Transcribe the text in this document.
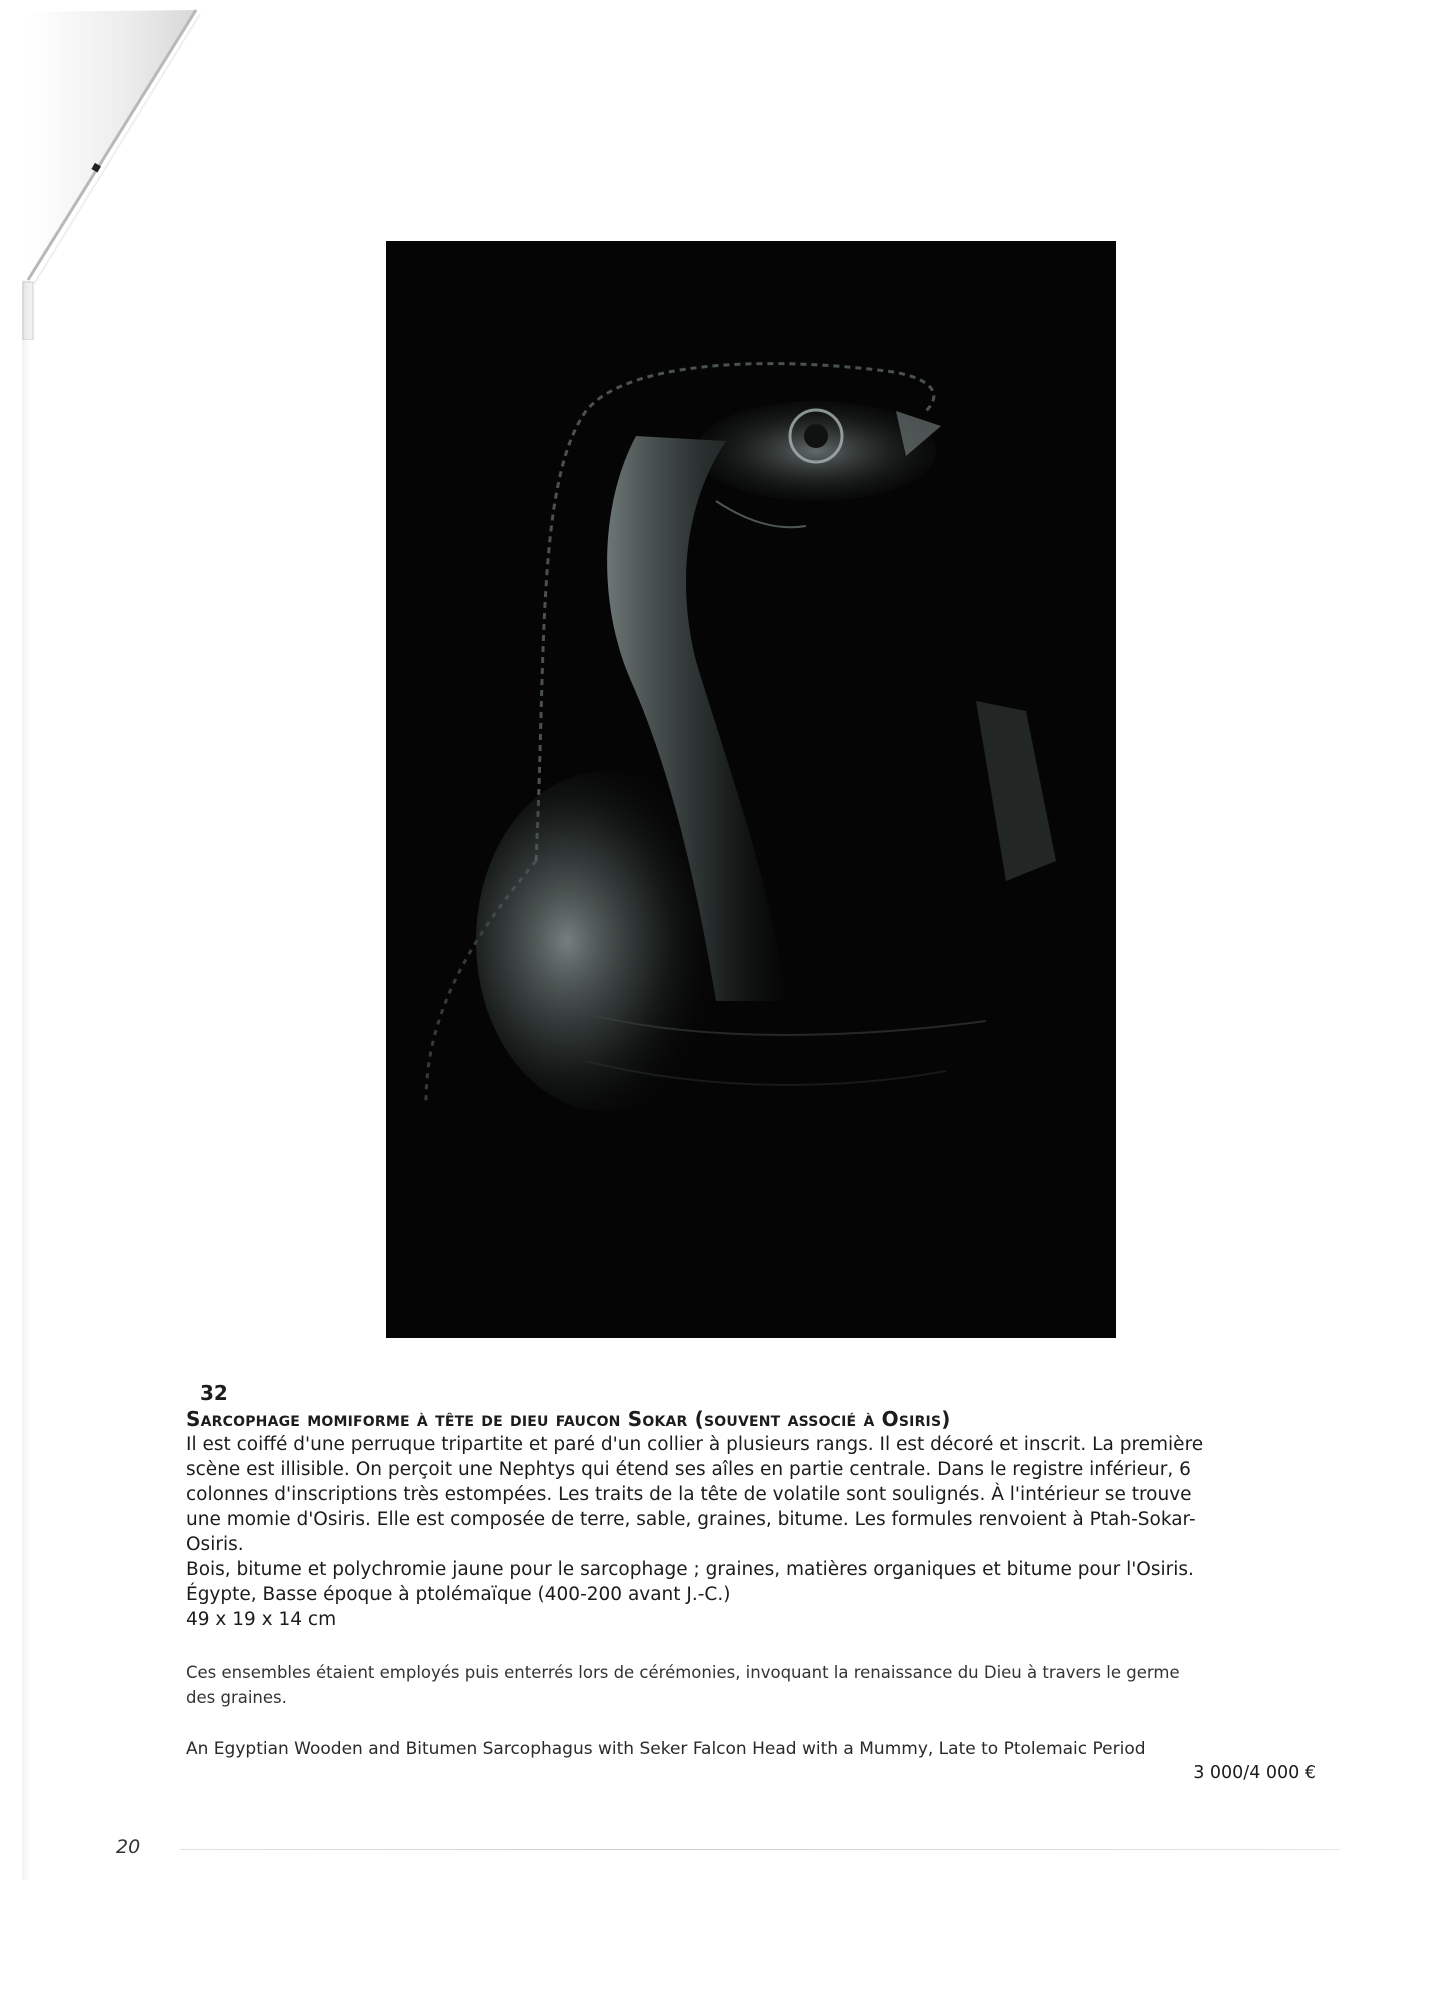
32
Sarcophage momiforme à tête de dieu faucon Sokar (souvent associé à Osiris)

Il est coiffé d'une perruque tripartite et paré d'un collier à plusieurs rangs. Il est décoré et inscrit. La première
scène est illisible. On perçoit une Nephtys qui étend ses aîles en partie centrale. Dans le registre inférieur, 6
colonnes d'inscriptions très estompées. Les traits de la tête de volatile sont soulignés. À l'intérieur se trouve
une momie d'Osiris. Elle est composée de terre, sable, graines, bitume. Les formules renvoient à Ptah-Sokar-
Osiris.
Bois, bitume et polychromie jaune pour le sarcophage ; graines, matières organiques et bitume pour l'Osiris.
Égypte, Basse époque à ptolémaïque (400-200 avant J.-C.)
49 x 19 x 14 cm

Ces ensembles étaient employés puis enterrés lors de cérémonies, invoquant la renaissance du Dieu à travers le germe
des graines.
An Egyptian Wooden and Bitumen Sarcophagus with Seker Falcon Head with a Mummy, Late to Ptolemaic Period
3 000/4 000 €
20
